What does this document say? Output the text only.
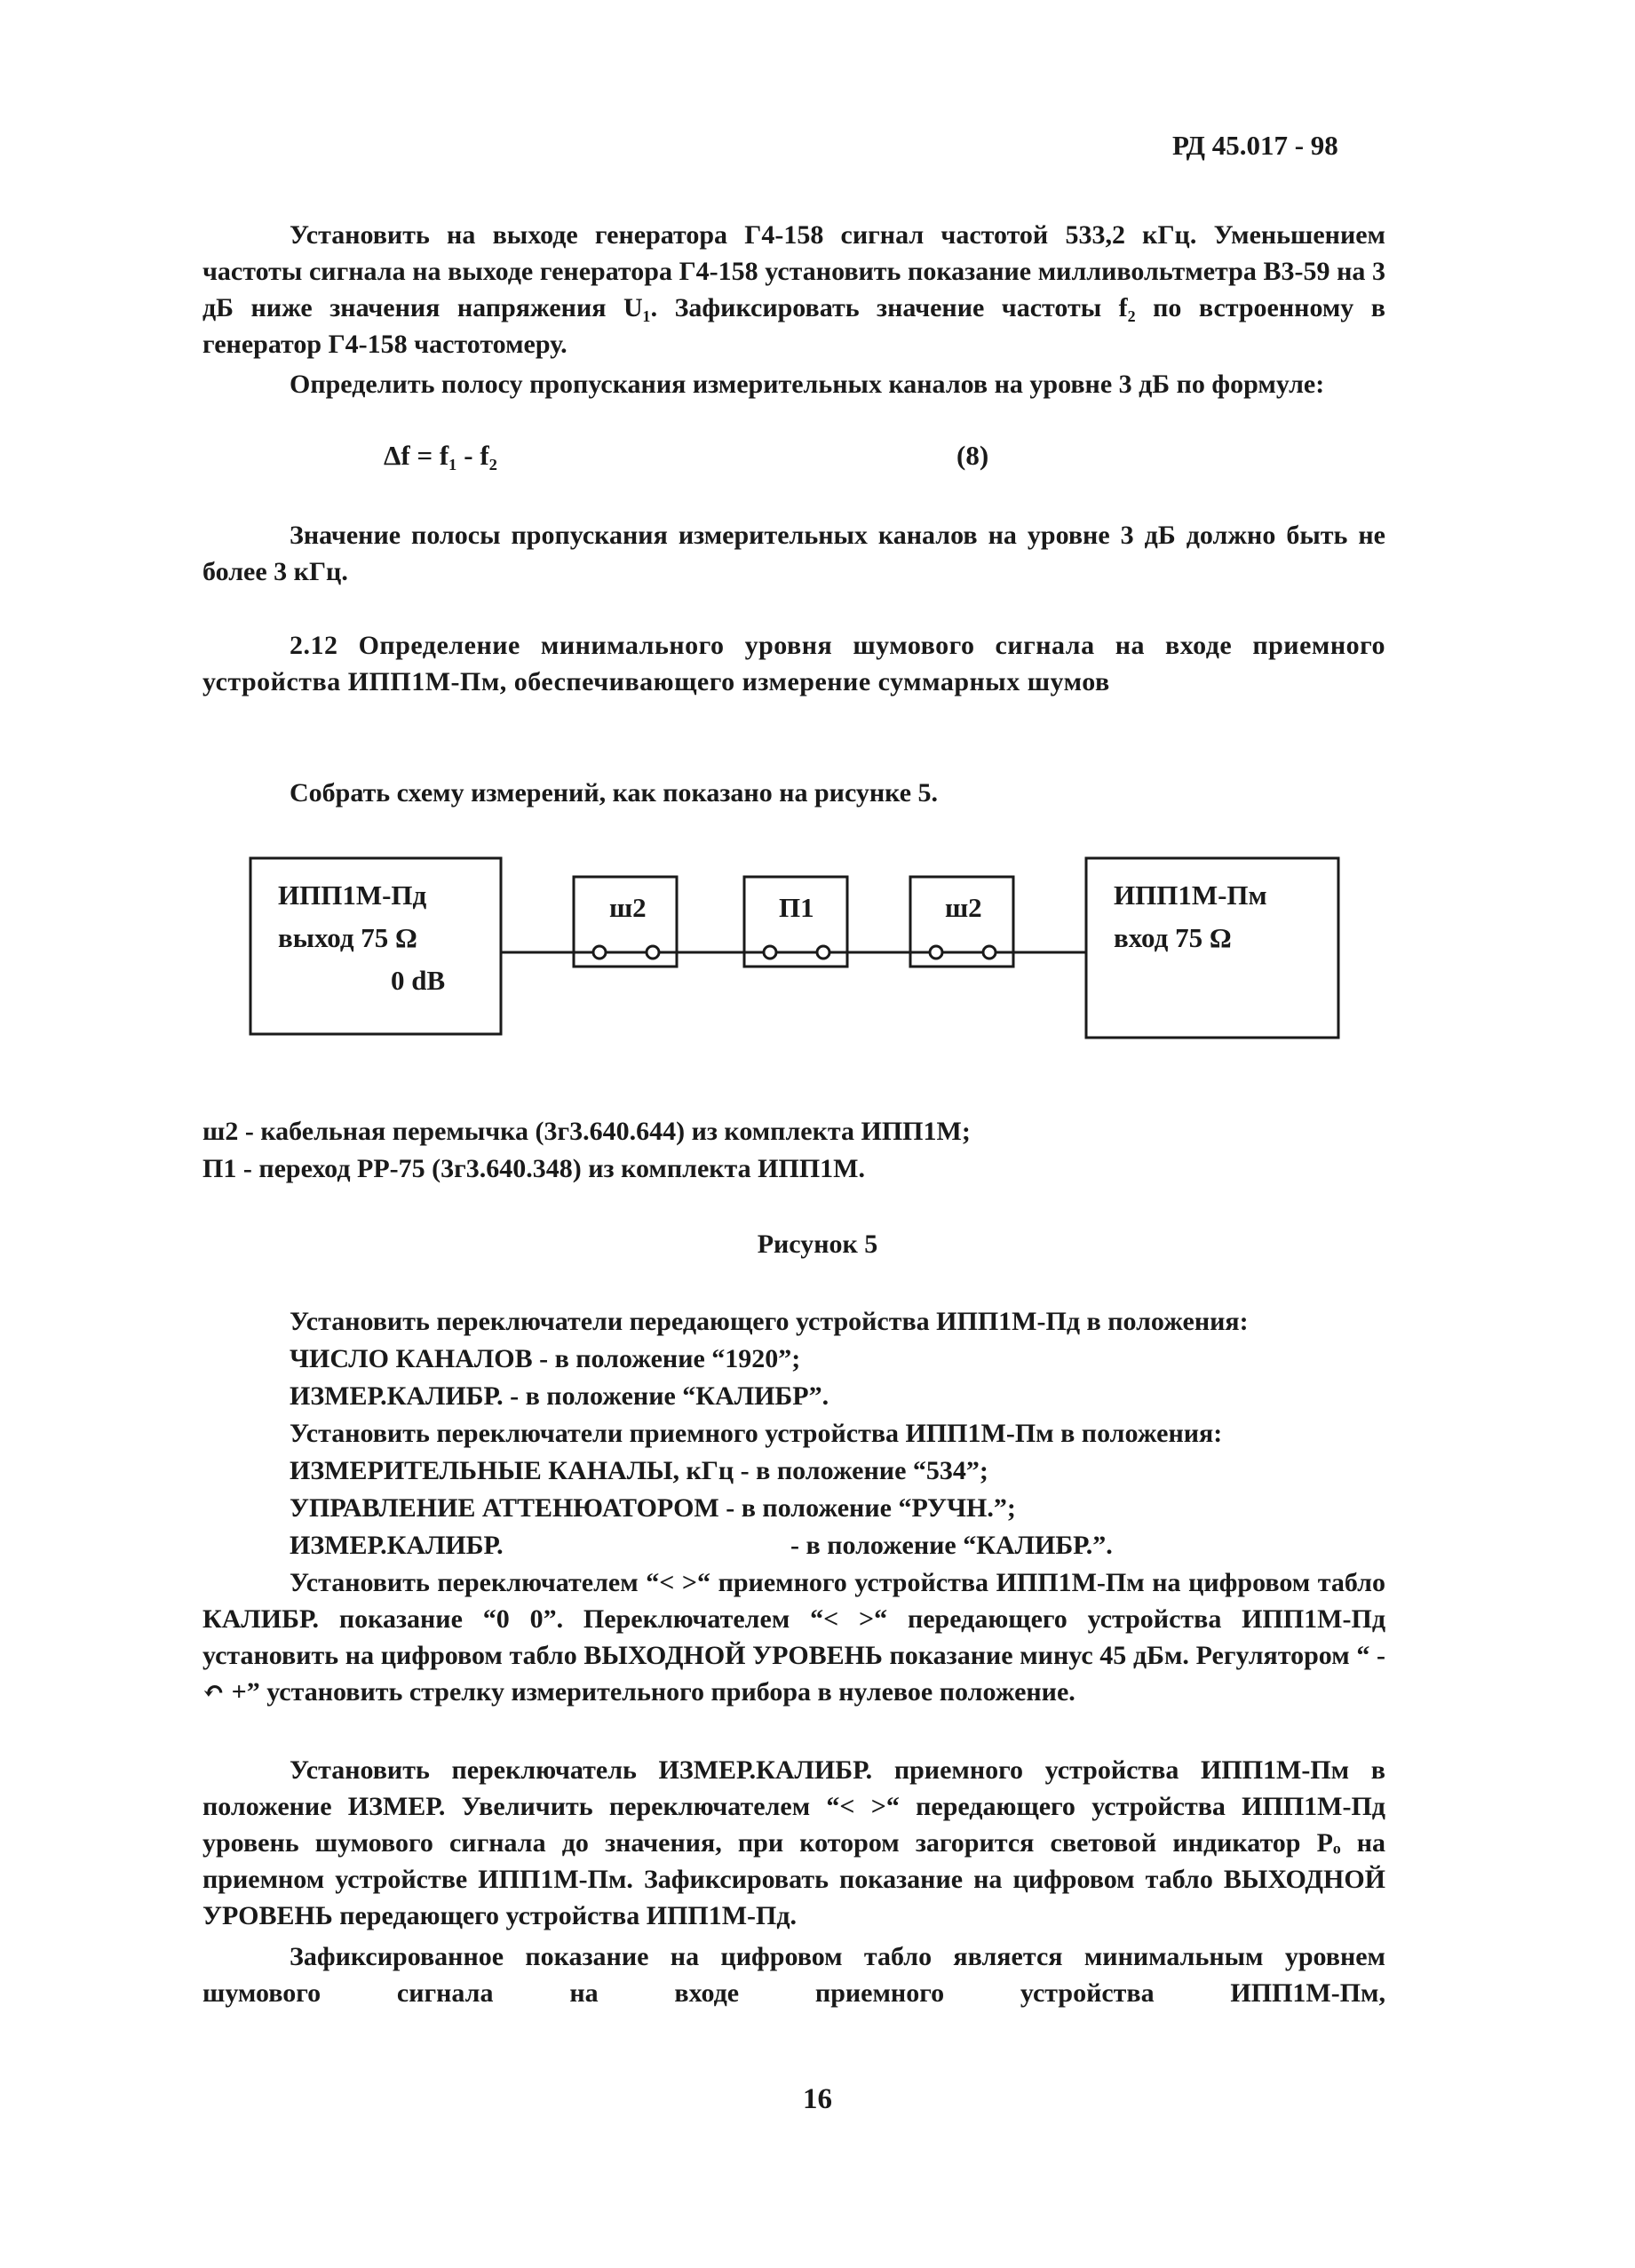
РД 45.017 - 98
Установить на выходе генератора Г4-158 сигнал частотой 533,2 кГц. Уменьшением частоты сигнала на выходе генератора Г4-158 установить показание милливольтметра В3-59 на 3 дБ ниже значения напряжения U₁. Зафиксировать значение частоты f₂ по встроенному в генератор Г4-158 частотомеру.
Определить полосу пропускания измерительных каналов на уровне 3 дБ по формуле:
Δf = f₁ - f₂	(8)
Значение полосы пропускания измерительных каналов на уровне 3 дБ должно быть не более 3 кГц.
2.12 Определение минимального уровня шумового сигнала на входе приемного устройства ИПП1М-Пм, обеспечивающего измерение суммарных шумов
Собрать схему измерений, как показано на рисунке 5.
ИПП1М-Пд
выход 75 Ω
0 dB
ш2	П1	ш2	ИПП1М-Пм
вход 75 Ω
ш2 - кабельная перемычка (3г3.640.644) из комплекта ИПП1М;
П1 - переход РР-75 (3г3.640.348) из комплекта ИПП1М.
Рисунок 5
Установить переключатели передающего устройства ИПП1М-Пд в положения:
ЧИСЛО КАНАЛОВ - в положение “1920”;
ИЗМЕР.КАЛИБР. - в положение “КАЛИБР”.
Установить переключатели приемного устройства ИПП1М-Пм в положения:
ИЗМЕРИТЕЛЬНЫЕ КАНАЛЫ, кГц - в положение “534”;
УПРАВЛЕНИЕ АТТЕНЮАТОРОМ - в положение “РУЧН.”;
ИЗМЕР.КАЛИБР.	- в положение “КАЛИБР.”.
Установить переключателем “< >“ приемного устройства ИПП1М-Пм на цифровом табло КАЛИБР. показание “0 0”. Переключателем “< >“ передающего устройства ИПП1М-Пд установить на цифровом табло ВЫХОДНОЙ УРОВЕНЬ показание минус 45 дБм. Регулятором “ - ↶ +” установить стрелку измерительного прибора в нулевое положение.
Установить переключатель ИЗМЕР.КАЛИБР. приемного устройства ИПП1М-Пм в положение ИЗМЕР. Увеличить переключателем “< >“ передающего устройства ИПП1М-Пд уровень шумового сигнала до значения, при котором загорится световой индикатор Pₒ на приемном устройстве ИПП1М-Пм. Зафиксировать показание на цифровом табло ВЫХОДНОЙ УРОВЕНЬ передающего устройства ИПП1М-Пд.
Зафиксированное показание на цифровом табло является минимальным уровнем шумового сигнала на входе приемного устройства ИПП1М-Пм,
16
